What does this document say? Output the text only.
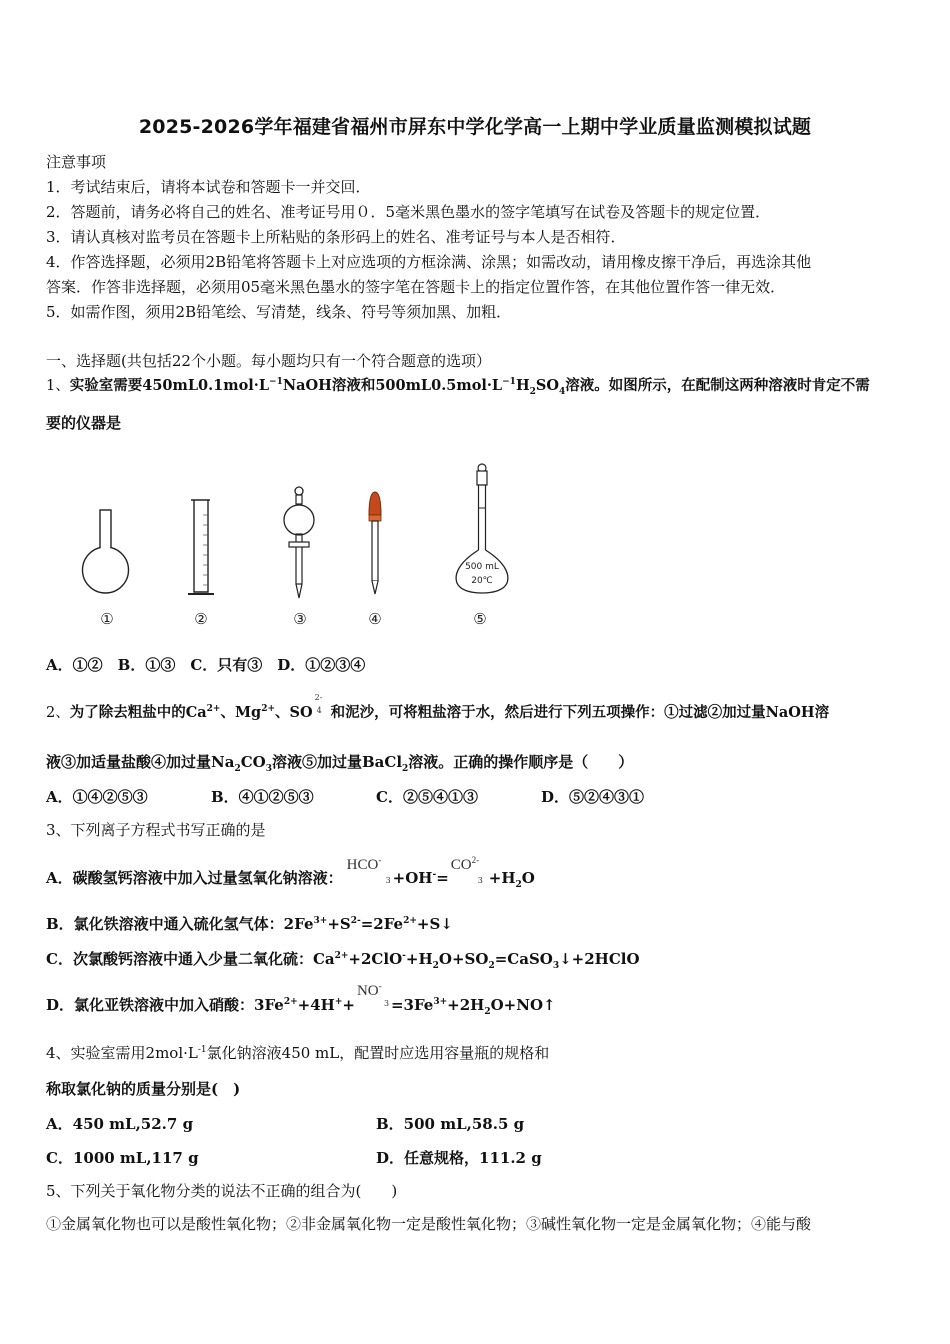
2025-2026学年福建省福州市屏东中学化学高一上期中学业质量监测模拟试题
注意事项
1．考试结束后，请将本试卷和答题卡一并交回．
2．答题前，请务必将自己的姓名、准考证号用０．5毫米黑色墨水的签字笔填写在试卷及答题卡的规定位置．
3．请认真核对监考员在答题卡上所粘贴的条形码上的姓名、准考证号与本人是否相符．
4．作答选择题，必须用2B铅笔将答题卡上对应选项的方框涂满、涂黑；如需改动，请用橡皮擦干净后，再选涂其他
答案．作答非选择题，必须用05毫米黑色墨水的签字笔在答题卡上的指定位置作答，在其他位置作答一律无效．
5．如需作图，须用2B铅笔绘、写清楚，线条、符号等须加黑、加粗．
一、选择题(共包括22个小题。每小题均只有一个符合题意的选项）
1、实验室需要$450mL0.1mol\cdot L^{-1}NaOH$溶液和$500mL0.5mol\cdot L^{-1}H_2SO_4$溶液。如图所示，在配制这两种溶液时肯定不需
要的仪器是
500 mL
20℃
①	②	③	④	⑤
A．①②　B．①③　C．只有③　D．①②③④
2、为了除去粗盐中的$Ca^{2+}$、$Mg^{2+}$、SO
2-
4 和泥沙，可将粗盐溶于水，然后进行下列五项操作：①过滤②加过量NaOH溶
液③加适量盐酸④加过量$Na_2CO_3$溶液⑤加过量BaCl$_2$溶液。正确的操作顺序是（　　）
A．①④②⑤③	B．④①②⑤③	C．②⑤④①③	D．⑤②④③①
3、下列离子方程式书写正确的是
A．碳酸氢钙溶液中加入过量氢氧化钠溶液：
HCO-
3 +OH-=
$CO^{2-}$
$3 +H_2O$
B．氯化铁溶液中通入硫化氢气体：$2Fe^{3+}+S^{2-}=2Fe^{2+}+S↓$
C．次氯酸钙溶液中通入少量二氧化硫：$Ca^{2+}+2ClO^-+H_2O+SO_2=CaSO_3↓+2HClO$
D．氯化亚铁溶液中加入硝酸：$3Fe^{2+}+4H^++$
NO-
$3 =3Fe^{3+}+2H_2O+NO↑$
4、实验室需用$2mol\cdot L^{-1}$氯化钠溶液450 mL，配置时应选用容量瓶的规格和
称取氯化钠的质量分别是(　)
A．450 mL,52.7 g	B．500 mL,58.5 g
C．1000 mL,117 g	D．任意规格，111.2 g
5、下列关于氧化物分类的说法不正确的组合为(　　)
①金属氧化物也可以是酸性氧化物；②非金属氧化物一定是酸性氧化物；③碱性氧化物一定是金属氧化物；④能与酸
